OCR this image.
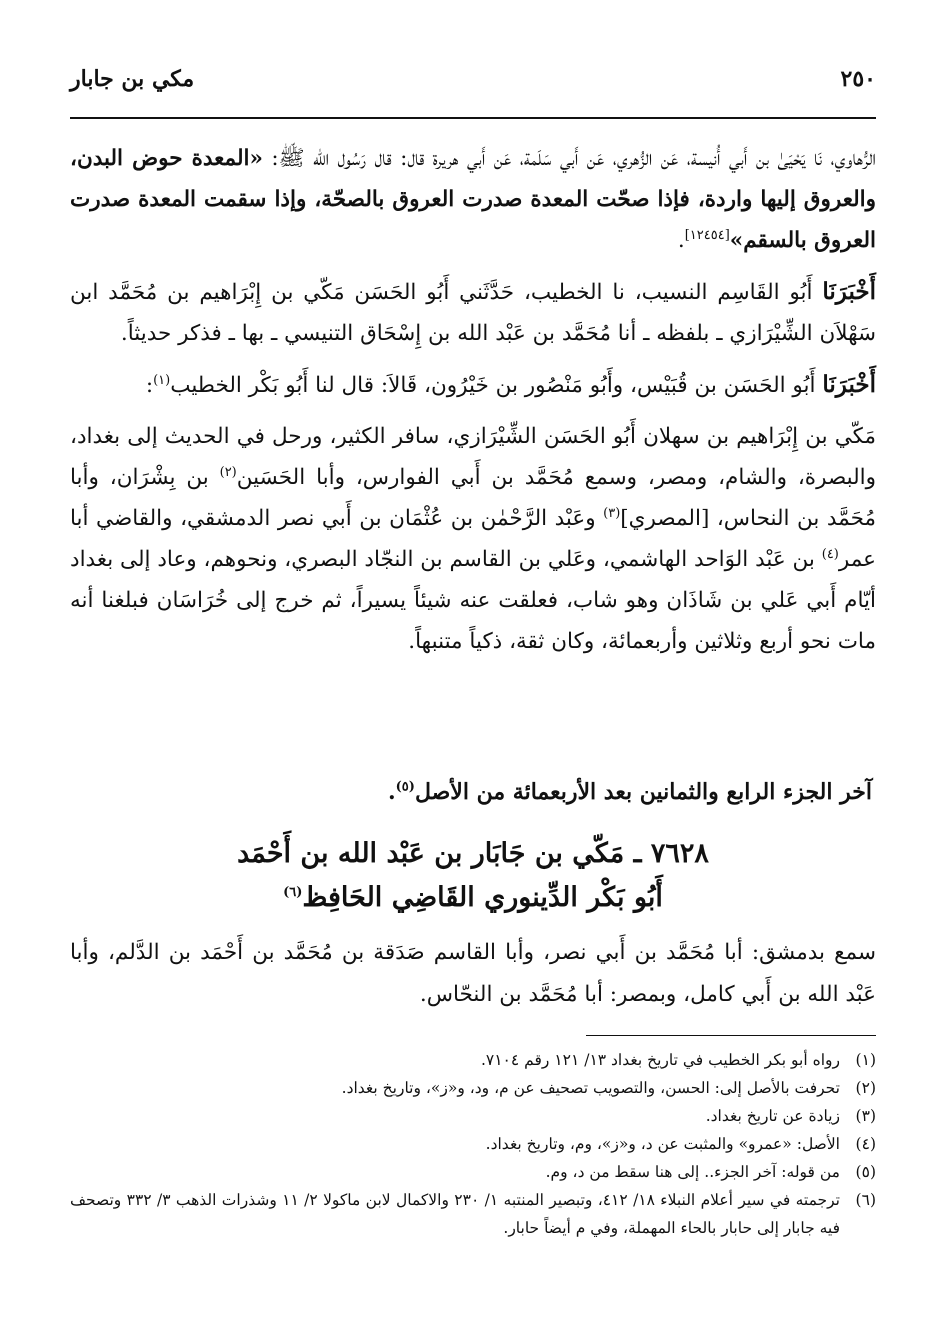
٢٥٠
مكي بن جابار

الرُّهاوي، نَا يَحْيَىٰ بن أَبي أُنيسة، عَن الزُّهري، عَن أَبي سَلَمة، عَن أَبي هريرة قال: قال رَسُول الله ﷺ: «المعدة حوض البدن، والعروق إليها واردة، فإذا صحّت المعدة صدرت العروق بالصحّة، وإذا سقمت المعدة صدرت العروق بالسقم»[١٢٤٥٤].

أَخْبَرَنَا أَبُو القَاسِم النسيب، نا الخطيب، حَدَّثَني أَبُو الحَسَن مَكّي بن إِبْرَاهيم بن مُحَمَّد ابن سَهْلاَن الشِّيْرَازي ـ بلفظه ـ أنا مُحَمَّد بن عَبْد الله بن إِسْحَاق التنيسي ـ بها ـ فذكر حديثاً.

أَخْبَرَنَا أَبُو الحَسَن بن قُبَيْس، وأَبُو مَنْصُور بن خَيْرُون، قَالاَ: قال لنا أَبُو بَكْر الخطيب$^{(١)}$:

مَكّي بن إِبْرَاهيم بن سهلان أَبُو الحَسَن الشِّيْرَازي، سافر الكثير، ورحل في الحديث إلى بغداد، والبصرة، والشام، ومصر، وسمع مُحَمَّد بن أَبي الفوارس، وأبا الحَسَين$^{(٢)}$ بن بِشْرَان، وأبا مُحَمَّد بن النحاس، [المصري]$^{(٣)}$ وعَبْد الرَّحْمٰن بن عُثْمَان بن أَبي نصر الدمشقي، والقاضي أبا عمر$^{(٤)}$ بن عَبْد الوَاحد الهاشمي، وعَلي بن القاسم بن النجّاد البصري، ونحوهم، وعاد إلى بغداد أيّام أَبي عَلي بن شَاذَان وهو شاب، فعلقت عنه شيئاً يسيراً، ثم خرج إلى خُرَاسَان فبلغنا أنه مات نحو أربع وثلاثين وأربعمائة، وكان ثقة، ذكياً متنبهاً.

آخر الجزء الرابع والثمانين بعد الأربعمائة من الأصل$^{(٥)}$.
٧٦٢٨ ـ مَكّي بن جَابَار بن عَبْد الله بن أَحْمَد
أَبُو بَكْر الدِّينوري القَاضِي الحَافِظ$^{(٦)}$
سمع بدمشق: أبا مُحَمَّد بن أَبي نصر، وأبا القاسم صَدَقة بن مُحَمَّد بن أَحْمَد بن الدَّلم، وأبا عَبْد الله بن أَبي كامل، وبمصر: أبا مُحَمَّد بن النحّاس.
(١)
رواه أبو بكر الخطيب في تاريخ بغداد ١٣/ ١٢١ رقم ٧١٠٤.
(٢)
تحرفت بالأصل إلى: الحسن، والتصويب تصحيف عن م، ود، و«ز»، وتاريخ بغداد.
(٣)
زيادة عن تاريخ بغداد.
(٤)
الأصل: «عمرو» والمثبت عن د، و«ز»، وم، وتاريخ بغداد.
(٥)
من قوله: آخر الجزء.. إلى هنا سقط من د، وم.
(٦)
ترجمته في سير أعلام النبلاء ١٨/ ٤١٢، وتبصير المنتبه ١/ ٢٣٠ والاكمال لابن ماكولا ٢/ ١١ وشذرات الذهب ٣/ ٣٣٢ وتصحف فيه جابار إلى حابار بالحاء المهملة، وفي م أيضاً حابار.
